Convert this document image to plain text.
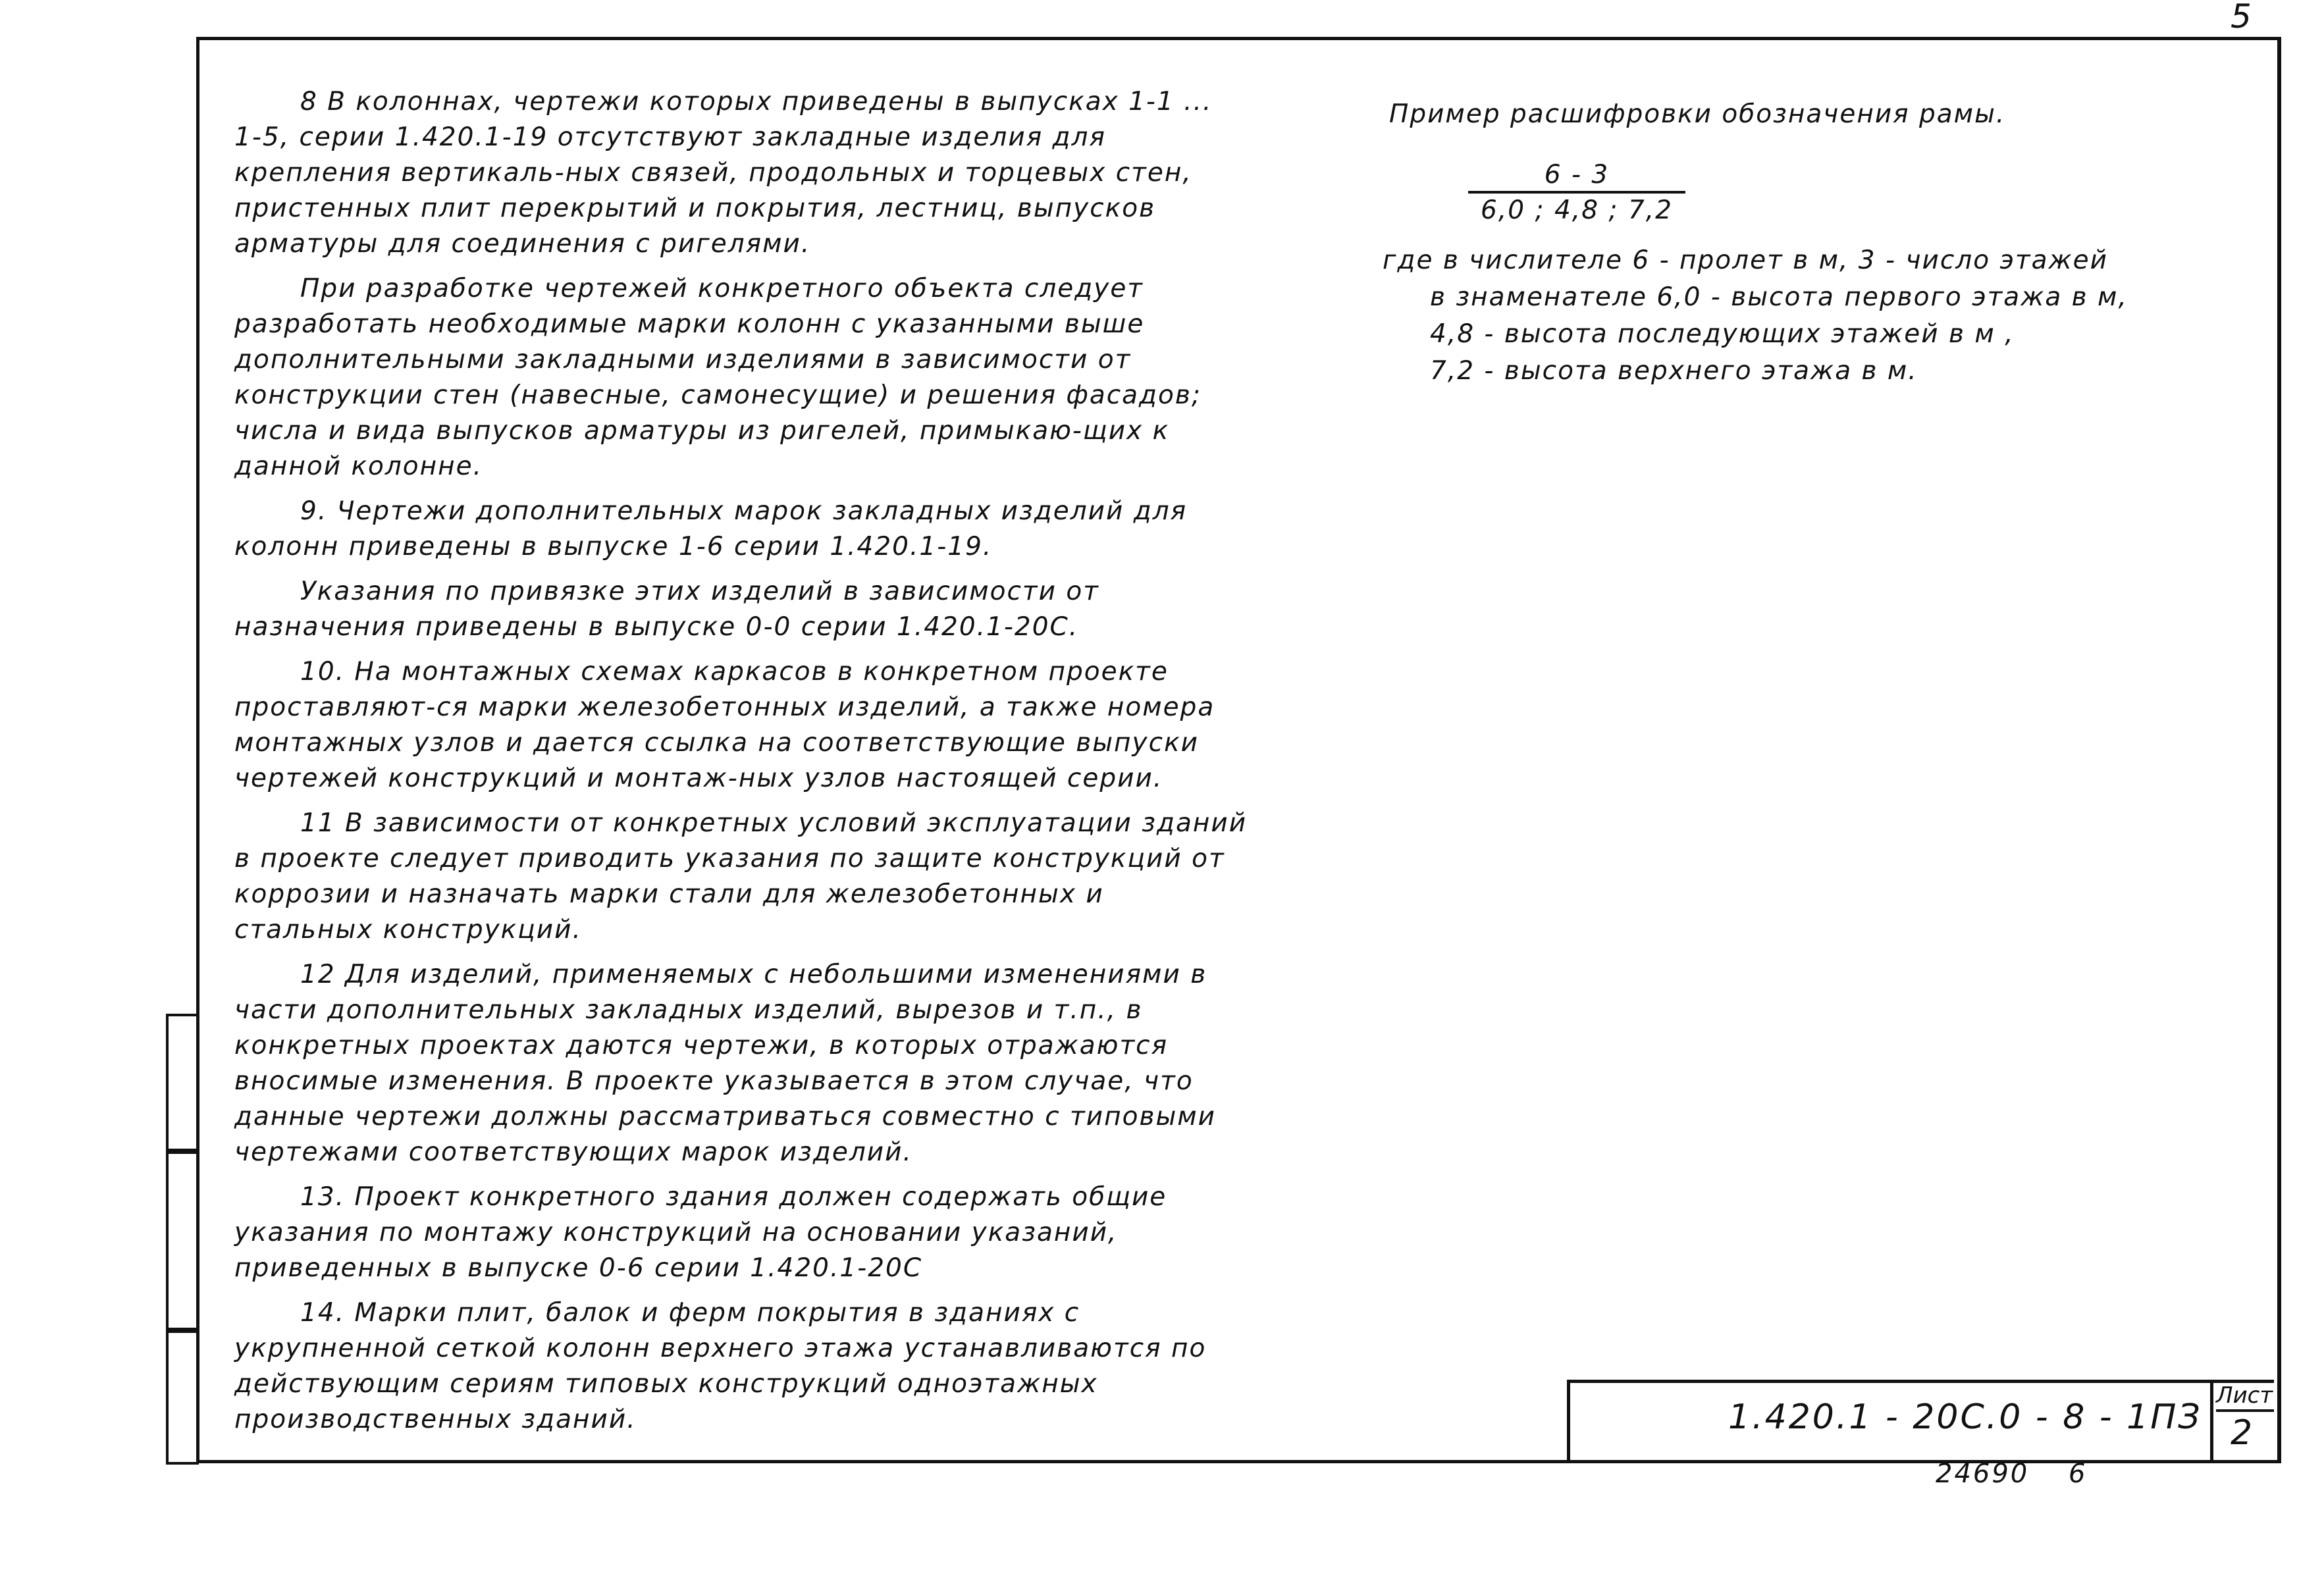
5

8 В колоннах, чертежи которых приведены в выпусках 1-1 ... 1-5, серии 1.420.1-19 отсутствуют закладные изделия для крепления вертикаль-ных связей, продольных и торцевых стен, пристенных плит перекрытий и покрытия, лестниц, выпусков арматуры для соединения с ригелями.

При разработке чертежей конкретного объекта следует разработать необходимые марки колонн с указанными выше дополнительными закладными изделиями в зависимости от конструкции стен (навесные, самонесущие) и решения фасадов; числа и вида выпусков арматуры из ригелей, примыкаю-щих к данной колонне.

9. Чертежи дополнительных марок закладных изделий для колонн приведены в выпуске 1-6 серии 1.420.1-19.

Указания по привязке этих изделий в зависимости от назначения приведены в выпуске 0-0 серии 1.420.1-20С.

10. На монтажных схемах каркасов в конкретном проекте проставляют-ся марки железобетонных изделий, а также номера монтажных узлов и дается ссылка на соответствующие выпуски чертежей конструкций и монтаж-ных узлов настоящей серии.

11 В зависимости от конкретных условий эксплуатации зданий в проекте следует приводить указания по защите конструкций от коррозии и назначать марки стали для железобетонных и стальных конструкций.

12 Для изделий, применяемых с небольшими изменениями в части дополнительных закладных изделий, вырезов и т.п., в конкретных проектах даются чертежи, в которых отражаются вносимые изменения. В проекте указывается в этом случае, что данные чертежи должны рассматриваться совместно с типовыми чертежами соответствующих марок изделий.

13. Проект конкретного здания должен содержать общие указания по монтажу конструкций на основании указаний, приведенных в выпуске 0-6 серии 1.420.1-20С

14. Марки плит, балок и ферм покрытия в зданиях с укрупненной сеткой колонн верхнего этажа устанавливаются по действующим сериям типовых конструкций одноэтажных производственных зданий.

Пример расшифровки обозначения рамы.
6 - 3
6,0 ; 4,8 ; 7,2
где в числителе 6 - пролет в м, 3 - число этажей
в знаменателе 6,0 - высота первого этажа в м,
4,8 - высота последующих этажей в м ,
7,2 - высота верхнего этажа в м.
1.420.1 - 20С.0 - 8 - 1ПЗ
Лист
2
24690 6
